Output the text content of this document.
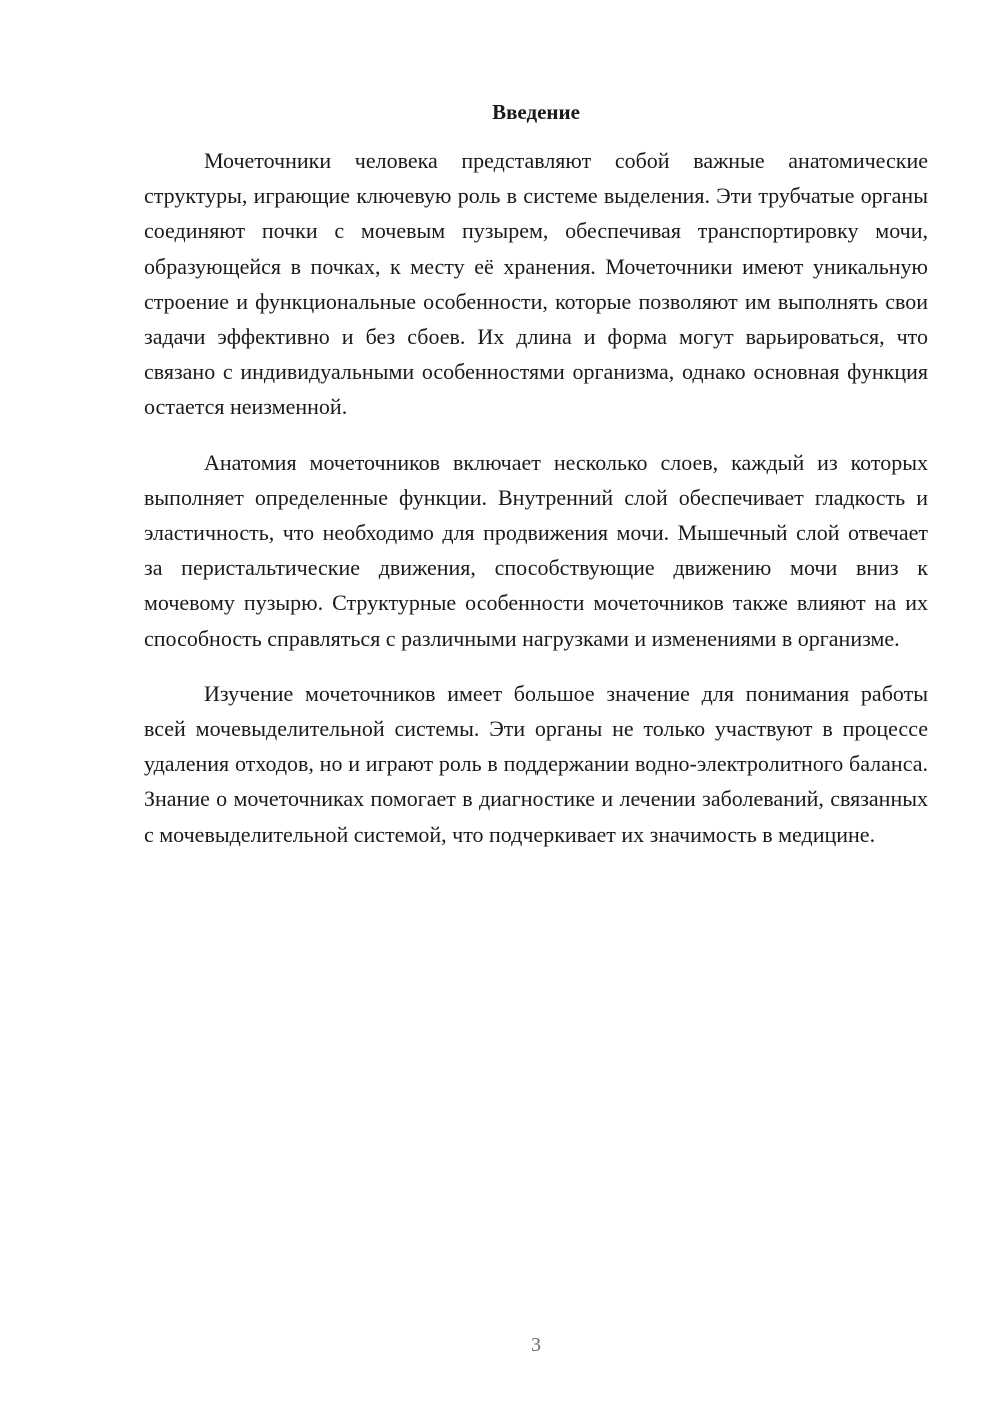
Введение

Мочеточники человека представляют собой важные анатомические структуры, играющие ключевую роль в системе выделения. Эти трубчатые органы соединяют почки с мочевым пузырем, обеспечивая транспортировку мочи, образующейся в почках, к месту её хранения. Мочеточники имеют уникальную строение и функциональные особенности, которые позволяют им выполнять свои задачи эффективно и без сбоев. Их длина и форма могут варьироваться, что связано с индивидуальными особенностями организма, однако основная функция остается неизменной.

Анатомия мочеточников включает несколько слоев, каждый из которых выполняет определенные функции. Внутренний слой обеспечивает гладкость и эластичность, что необходимо для продвижения мочи. Мышечный слой отвечает за перистальтические движения, способствующие движению мочи вниз к мочевому пузырю. Структурные особенности мочеточников также влияют на их способность справляться с различными нагрузками и изменениями в организме.

Изучение мочеточников имеет большое значение для понимания работы всей мочевыделительной системы. Эти органы не только участвуют в процессе удаления отходов, но и играют роль в поддержании водно-электролитного баланса. Знание о мочеточниках помогает в диагностике и лечении заболеваний, связанных с мочевыделительной системой, что подчеркивает их значимость в медицине.

3
